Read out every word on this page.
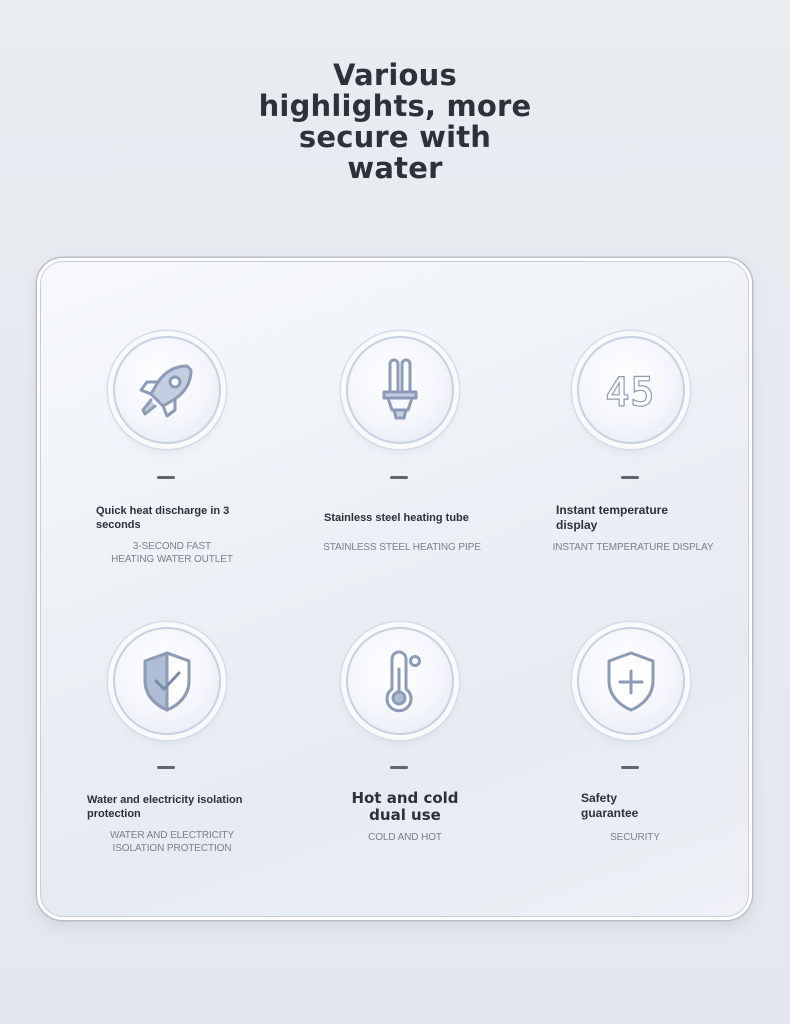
Various
highlights, more
secure with
water
Quick heat discharge in 3 seconds
3-SECOND FAST
HEATING WATER OUTLET
Stainless steel heating tube
STAINLESS STEEL HEATING PIPE
45
Instant temperature display
INSTANT TEMPERATURE DISPLAY
Water and electricity isolation protection
WATER AND ELECTRICITY
ISOLATION PROTECTION
Hot and cold
dual use
COLD AND HOT
Safety
guarantee
SECURITY
